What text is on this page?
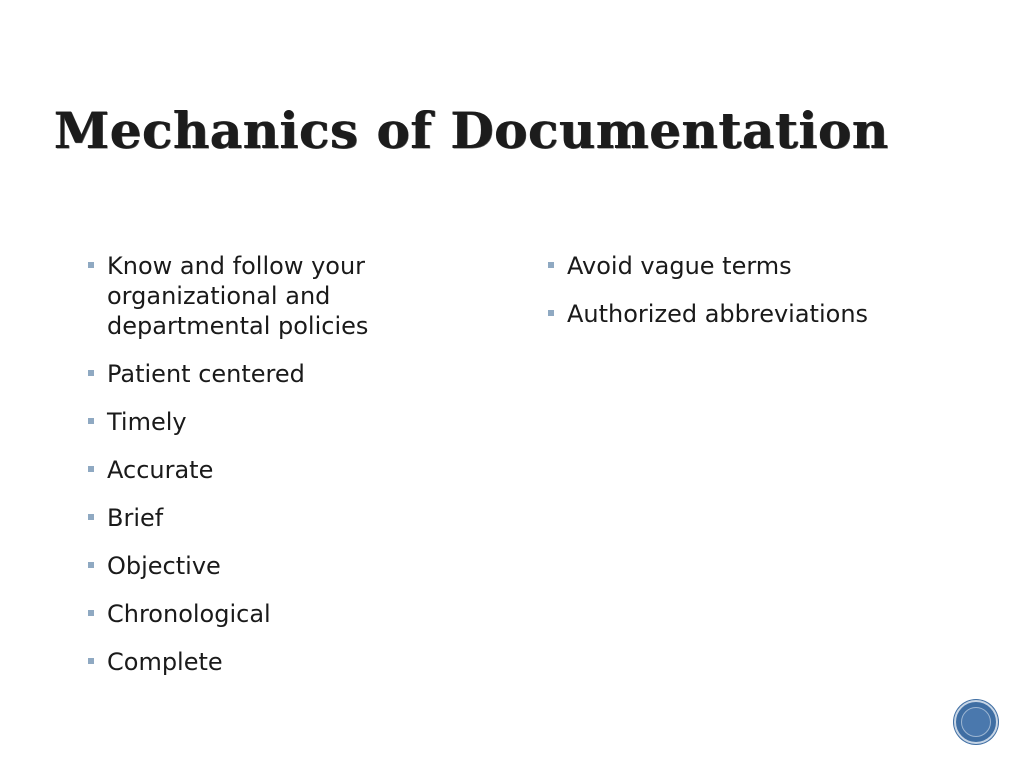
Mechanics of Documentation
Know and follow your organizational and departmental policies
Patient centered
Timely
Accurate
Brief
Objective
Chronological
Complete
Avoid vague terms
Authorized abbreviations
